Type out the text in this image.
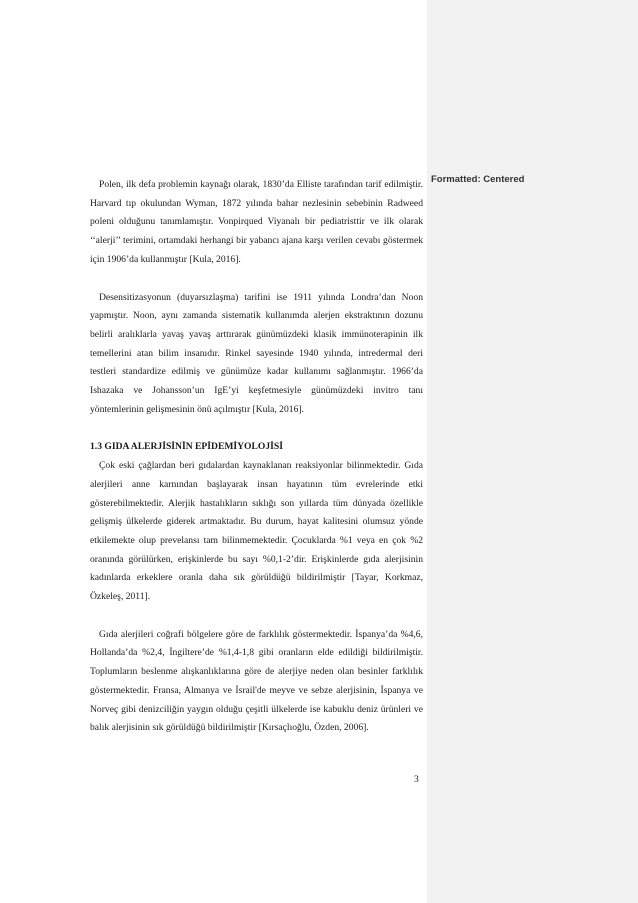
Formatted: Centered

Polen, ilk defa problemin kaynağı olarak, 1830’da Elliste tarafından tarif edilmiştir. Harvard tıp okulundan Wyman, 1872 yılında bahar nezlesinin sebebinin Radweed poleni olduğunu tanımlamıştır. Vonpirqued Viyanalı bir pediatristtir ve ilk olarak ‘‘alerji’’ terimini, ortamdaki herhangi bir yabancı ajana karşı verilen cevabı göstermek için 1906’da kullanmıştır [Kula, 2016].

Desensitizasyonun (duyarsızlaşma) tarifini ise 1911 yılında Londra’dan Noon yapmıştır. Noon, aynı zamanda sistematik kullanımda alerjen ekstraktının dozunu belirli aralıklarla yavaş yavaş arttırarak günümüzdeki klasik immünoterapinin ilk temellerini atan bilim insanıdır. Rinkel sayesinde 1940 yılında, intredermal deri testleri standardize edilmiş ve günümüze kadar kullanımı sağlanmıştır. 1966’da Ishazaka ve Johansson’un IgE’yi keşfetmesiyle günümüzdeki invitro tanı yöntemlerinin gelişmesinin önü açılmıştır [Kula, 2016].

1.3 GIDA ALERJİSİNİN EPİDEMİYOLOJİSİ

Çok eski çağlardan beri gıdalardan kaynaklanan reaksiyonlar bilinmektedir. Gıda alerjileri anne karnından başlayarak insan hayatının tüm evrelerinde etki gösterebilmektedir. Alerjik hastalıkların sıklığı son yıllarda tüm dünyada özellikle gelişmiş ülkelerde giderek artmaktadır. Bu durum, hayat kalitesini olumsuz yönde etkilemekte olup prevelansı tam bilinmemektedir. Çocuklarda %1 veya en çok %2 oranında görülürken, erişkinlerde bu sayı %0,1-2’dir. Erişkinlerde gıda alerjisinin kadınlarda erkeklere oranla daha sık görüldüğü bildirilmiştir [Tayar, Korkmaz, Özkeleş, 2011].

Gıda alerjileri coğrafi bölgelere göre de farklılık göstermektedir. İspanya’da %4,6, Hollanda’da %2,4, İngiltere’de %1,4-1,8 gibi oranların elde edildiği bildirilmiştir. Toplumların beslenme alışkanlıklarına göre de alerjiye neden olan besinler farklılık göstermektedir. Fransa, Almanya ve İsrail'de meyve ve sebze alerjisinin, İspanya ve Norveç gibi denizciliğin yaygın olduğu çeşitli ülkelerde ise kabuklu deniz ürünleri ve balık alerjisinin sık görüldüğü bildirilmiştir [Kırsaçlıoğlu, Özden, 2006].

3
